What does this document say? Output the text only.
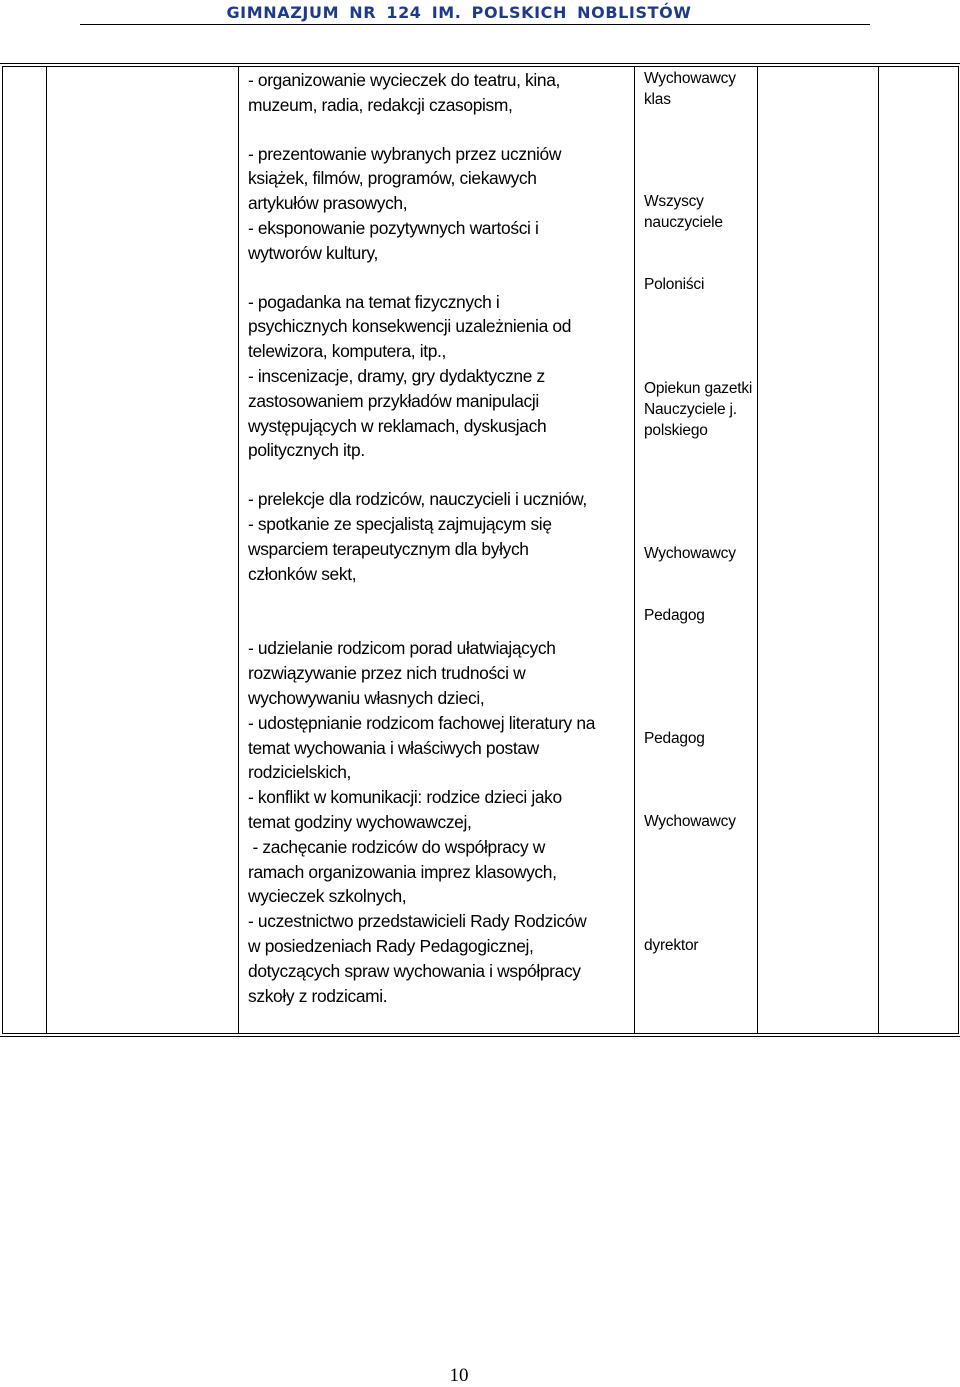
GIMNAZJUM NR 124 IM. POLSKICH NOBLISTÓW

- organizowanie wycieczek do teatru, kina,
muzeum, radia, redakcji czasopism,

- prezentowanie wybranych przez uczniów
książek, filmów, programów, ciekawych
artykułów prasowych,
- eksponowanie pozytywnych wartości i
wytworów kultury,

- pogadanka na temat fizycznych i
psychicznych konsekwencji uzależnienia od
telewizora, komputera, itp.,
- inscenizacje, dramy, gry dydaktyczne z
zastosowaniem przykładów manipulacji
występujących w reklamach, dyskusjach
politycznych itp.

- prelekcje dla rodziców, nauczycieli i uczniów,
- spotkanie ze specjalistą zajmującym się
wsparciem terapeutycznym dla byłych
członków sekt,

- udzielanie rodzicom porad ułatwiających
rozwiązywanie przez nich trudności w
wychowywaniu własnych dzieci,
- udostępnianie rodzicom fachowej literatury na
temat wychowania i właściwych postaw
rodzicielskich,
- konflikt w komunikacji: rodzice dzieci jako
temat godziny wychowawczej,
- zachęcanie rodziców do współpracy w
ramach organizowania imprez klasowych,
wycieczek szkolnych,
- uczestnictwo przedstawicieli Rady Rodziców
w posiedzeniach Rady Pedagogicznej,
dotyczących spraw wychowania i współpracy
szkoły z rodzicami.

Wychowawcy
klas
Wszyscy
nauczyciele
Poloniści
Opiekun gazetki
Nauczyciele j.
polskiego
Wychowawcy
Pedagog
Pedagog
Wychowawcy
dyrektor
10
